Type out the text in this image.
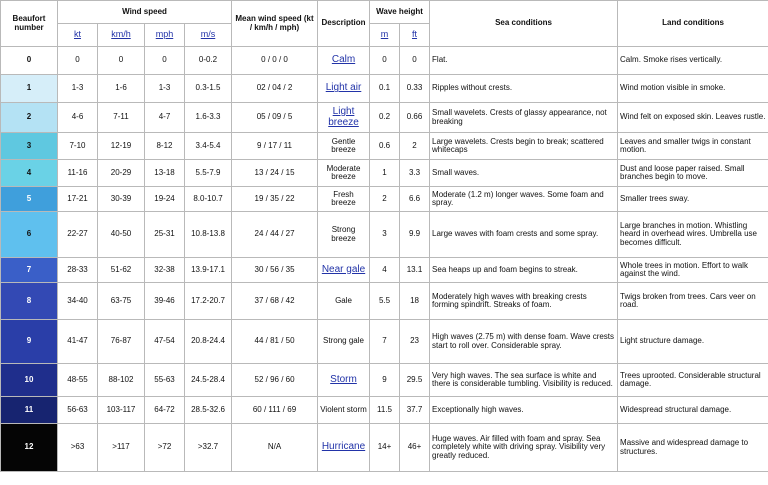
Beaufort
number	Wind speed				Mean wind speed (kt / km/h / mph)	Description	Wave height		Sea conditions	Land conditions
	kt	km/h	mph	m/s			m	ft		
0	0	0	0	0-0.2	0 / 0 / 0	Calm	0	0	Flat.	Calm. Smoke rises vertically.
1	1-3	1-6	1-3	0.3-1.5	02 / 04 / 2	Light air	0.1	0.33	Ripples without crests.	Wind motion visible in smoke.
2	4-6	7-11	4-7	1.6-3.3	05 / 09 / 5	Light breeze	0.2	0.66	Small wavelets. Crests of glassy appearance, not breaking	Wind felt on exposed skin. Leaves rustle.
3	7-10	12-19	8-12	3.4-5.4	9 / 17 / 11	Gentle breeze	0.6	2	Large wavelets. Crests begin to break; scattered whitecaps	Leaves and smaller twigs in constant motion.
4	11-16	20-29	13-18	5.5-7.9	13 / 24 / 15	Moderate breeze	1	3.3	Small waves.	Dust and loose paper raised. Small branches begin to move.
5	17-21	30-39	19-24	8.0-10.7	19 / 35 / 22	Fresh breeze	2	6.6	Moderate (1.2 m) longer waves. Some foam and spray.	Smaller trees sway.
6	22-27	40-50	25-31	10.8-13.8	24 / 44 / 27	Strong breeze	3	9.9	Large waves with foam crests and some spray.	Large branches in motion. Whistling heard in overhead wires. Umbrella use becomes difficult.
7	28-33	51-62	32-38	13.9-17.1	30 / 56 / 35	Near gale	4	13.1	Sea heaps up and foam begins to streak.	Whole trees in motion. Effort to walk against the wind.
8	34-40	63-75	39-46	17.2-20.7	37 / 68 / 42	Gale	5.5	18	Moderately high waves with breaking crests forming spindrift. Streaks of foam.	Twigs broken from trees. Cars veer on road.
9	41-47	76-87	47-54	20.8-24.4	44 / 81 / 50	Strong gale	7	23	High waves (2.75 m) with dense foam. Wave crests start to roll over. Considerable spray.	Light structure damage.
10	48-55	88-102	55-63	24.5-28.4	52 / 96 / 60	Storm	9	29.5	Very high waves. The sea surface is white and there is considerable tumbling. Visibility is reduced.	Trees uprooted. Considerable structural damage.
11	56-63	103-117	64-72	28.5-32.6	60 / 111 / 69	Violent storm	11.5	37.7	Exceptionally high waves.	Widespread structural damage.
12	>63	>117	>72	>32.7	N/A	Hurricane	14+	46+	Huge waves. Air filled with foam and spray. Sea completely white with driving spray. Visibility very greatly reduced.	Massive and widespread damage to structures.
